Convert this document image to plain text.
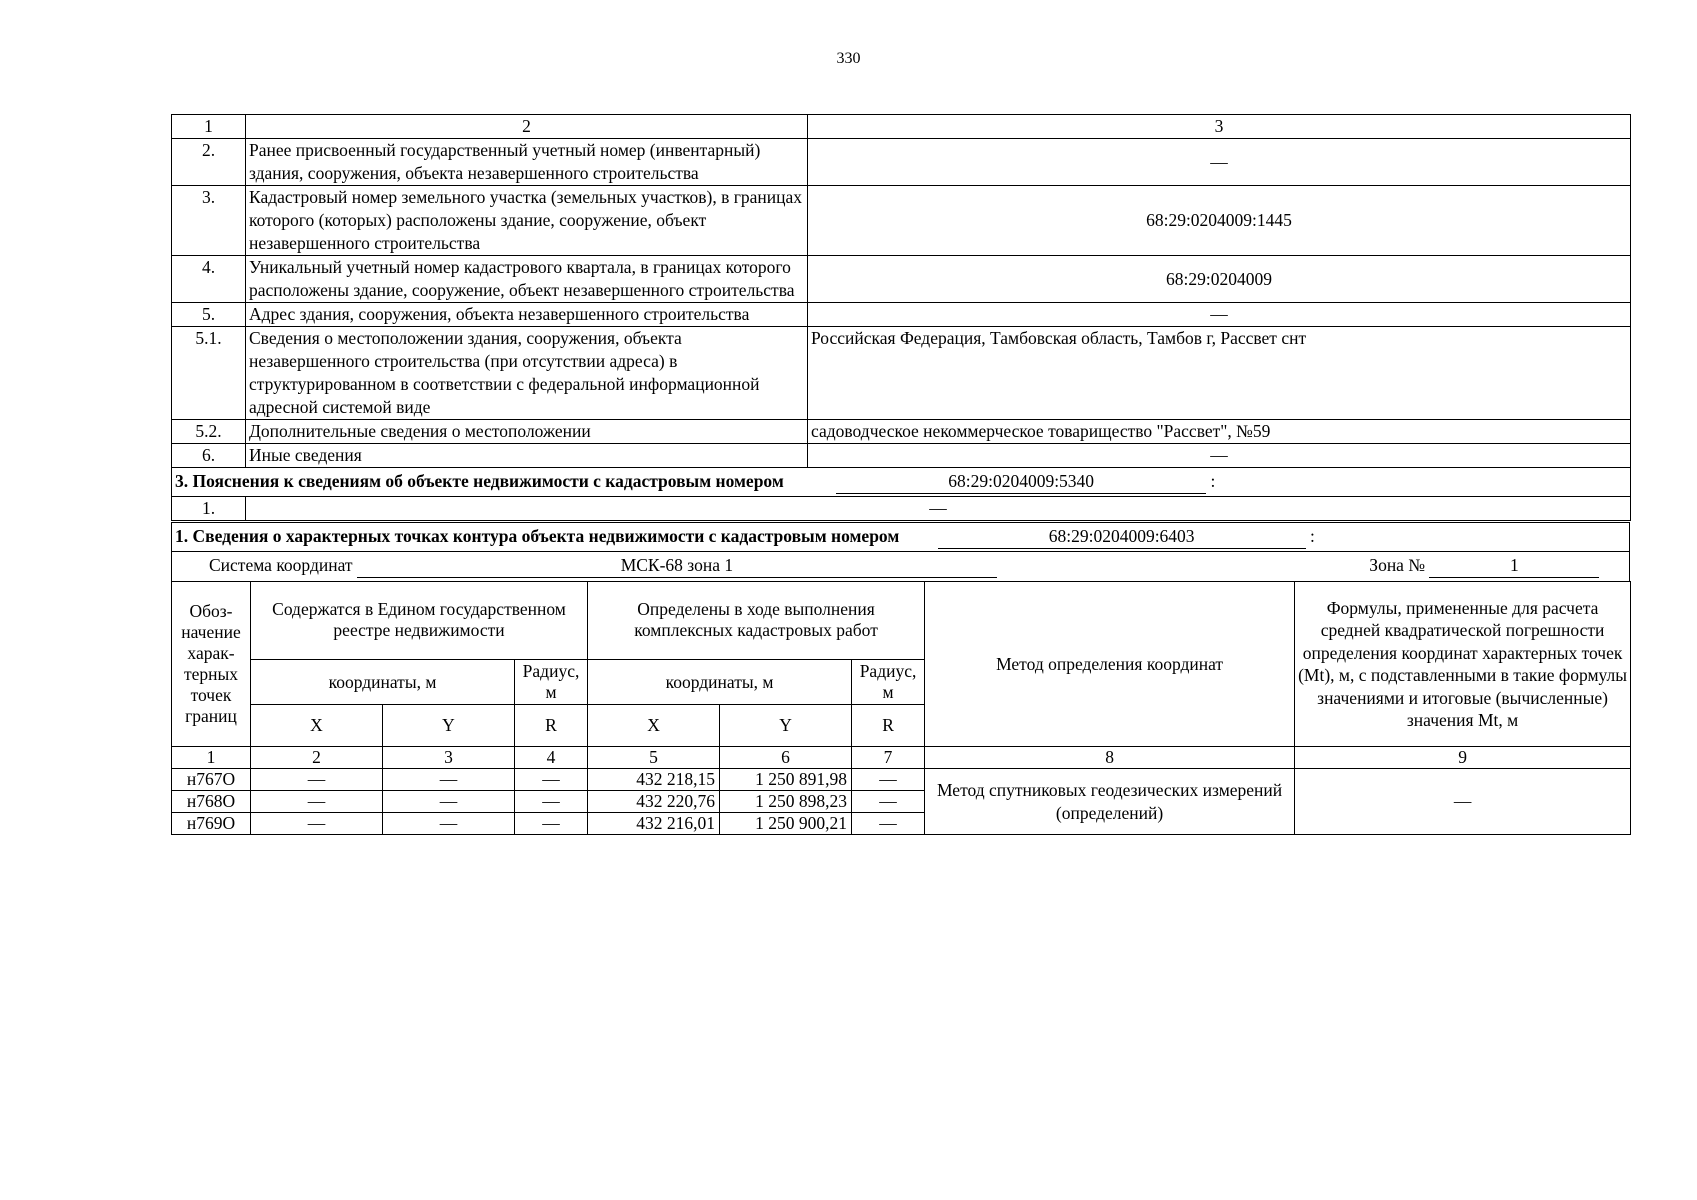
330
1	2	3
2.	Ранее присвоенный государственный учетный номер (инвентарный) здания, сооружения, объекта незавершенного строительства	—
3.	Кадастровый номер земельного участка (земельных участков), в границах которого (которых) расположены здание, сооружение, объект незавершенного строительства	68:29:0204009:1445
4.	Уникальный учетный номер кадастрового квартала, в границах которого расположены здание, сооружение, объект незавершенного строительства	68:29:0204009
5.	Адрес здания, сооружения, объекта незавершенного строительства	—
5.1.	Сведения о местоположении здания, сооружения, объекта незавершенного строительства (при отсутствии адреса) в структурированном в соответствии с федеральной информационной адресной системой виде	Российская Федерация, Тамбовская область, Тамбов г, Рассвет снт
5.2.	Дополнительные сведения о местоположении	садоводческое некоммерческое товарищество "Рассвет", №59
6.	Иные сведения	—
3. Пояснения к сведениям об объекте недвижимости с кадастровым номером	68:29:0204009:5340	:
1.	—
1. Сведения о характерных точках контура объекта недвижимости с кадастровым номером	68:29:0204009:6403	:
Система координат	МСК-68 зона 1	Зона №	1
Обоз-начение харак-терных точек границ	Содержатся в Едином государственном реестре недвижимости			Определены в ходе выполнения комплексных кадастровых работ			Метод определения координат	Формулы, примененные для расчета средней квадратической погрешности определения координат характерных точек (Mt), м, с подставленными в такие формулы значениями и итоговые (вычисленные) значения Mt, м
	координаты, м		Радиус, м	координаты, м		Радиус, м		
	X	Y	R	X	Y	R		
1	2	3	4	5	6	7	8	9
н767О	—	—	—	432 218,15	1 250 891,98	—	Метод спутниковых геодезических измерений (определений)	—
н768О	—	—	—	432 220,76	1 250 898,23	—		
н769О	—	—	—	432 216,01	1 250 900,21	—		
